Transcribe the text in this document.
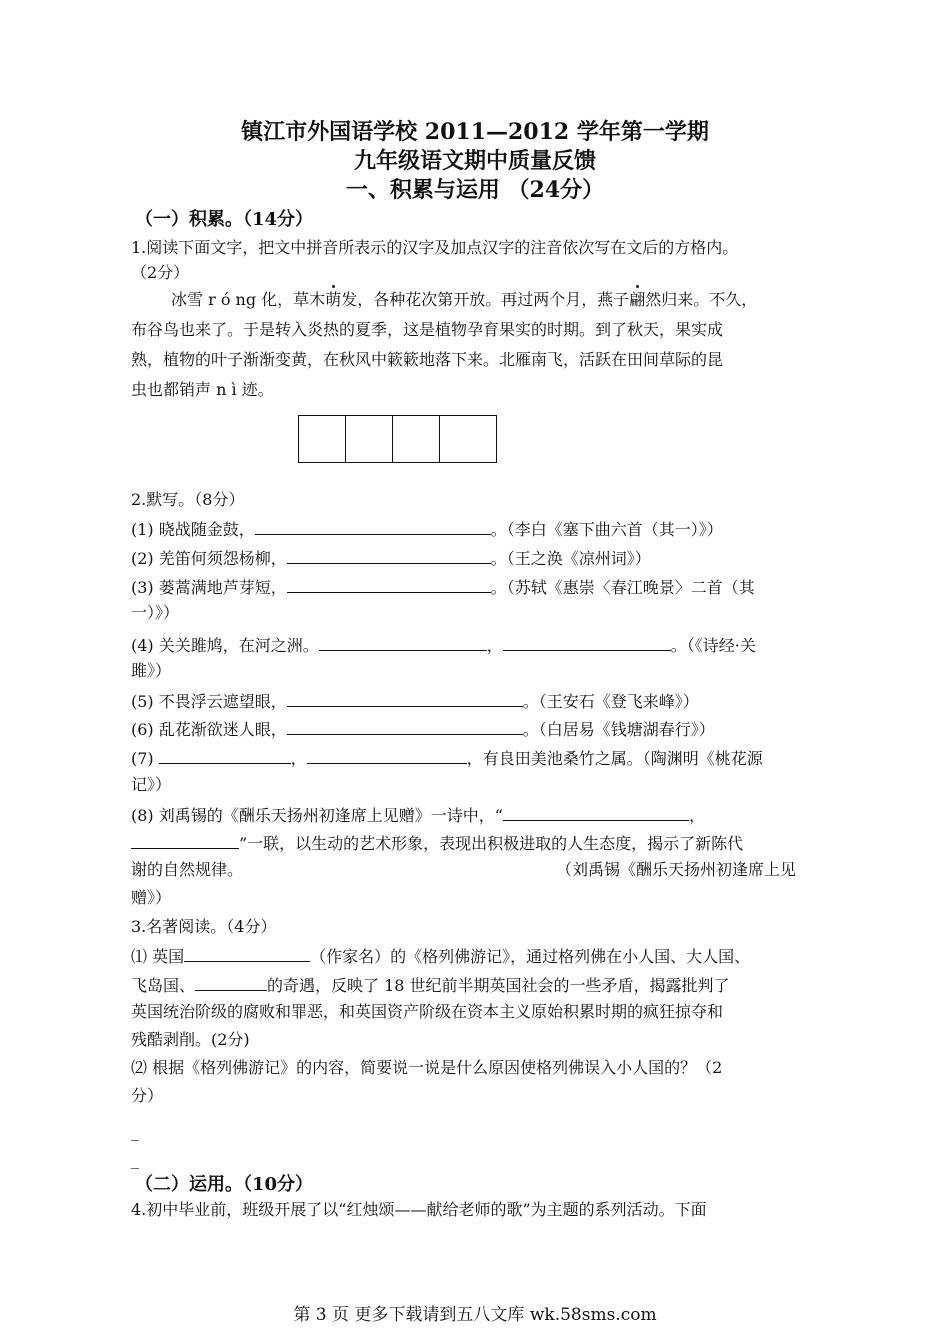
镇江市外国语学校 2011—2012 学年第一学期
九年级语文期中质量反馈
一、积累与运用 （24分）
（一）积累。（14分）
1.阅读下面文字，把文中拼音所表示的汉字及加点汉字的注音依次写在文后的方格内。
（2分）
冰雪 r ó ng 化，草木萌发，各种花次第开放。再过两个月，燕子翩然归来。不久，
布谷鸟也来了。于是转入炎热的夏季，这是植物孕育果实的时期。到了秋天，果实成
熟，植物的叶子渐渐变黄，在秋风中簌簌地落下来。北雁南飞，活跃在田间草际的昆
虫也都销声 n ì 迹。
2.默写。（8分）
(1) 晓战随金鼓，	。（李白《塞下曲六首（其一）》）
(2) 羌笛何须怨杨柳，	。（王之涣《凉州词》）
(3) 蒌蒿满地芦芽短，	。（苏轼《惠崇〈春江晚景〉二首（其
一）》）
(4) 关关雎鸠，在河之洲。	，	。（《诗经·关
雎》）
(5) 不畏浮云遮望眼，	。（王安石《登飞来峰》）
(6) 乱花渐欲迷人眼，	。（白居易《钱塘湖春行》）
(7)	，	，有良田美池桑竹之属。（陶渊明《桃花源
记》）
(8) 刘禹锡的《酬乐天扬州初逢席上见赠》一诗中，“	，
”一联，以生动的艺术形象，表现出积极进取的人生态度，揭示了新陈代
谢的自然规律。	（刘禹锡《酬乐天扬州初逢席上见
赠》）
3.名著阅读。（4分）
⑴ 英国	（作家名）的《格列佛游记》，通过格列佛在小人国、大人国、
飞岛国、	的奇遇，反映了 18 世纪前半期英国社会的一些矛盾，揭露批判了
英国统治阶级的腐败和罪恶，和英国资产阶级在资本主义原始积累时期的疯狂掠夺和
残酷剥削。(2分)
⑵ 根据《格列佛游记》的内容，简要说一说是什么原因使格列佛误入小人国的？（2
分）
_
_
（二）运用。（10分）
4.初中毕业前，班级开展了以“红烛颂——献给老师的歌”为主题的系列活动。下面
第 3 页 更多下载请到五八文库 wk.58sms.com
